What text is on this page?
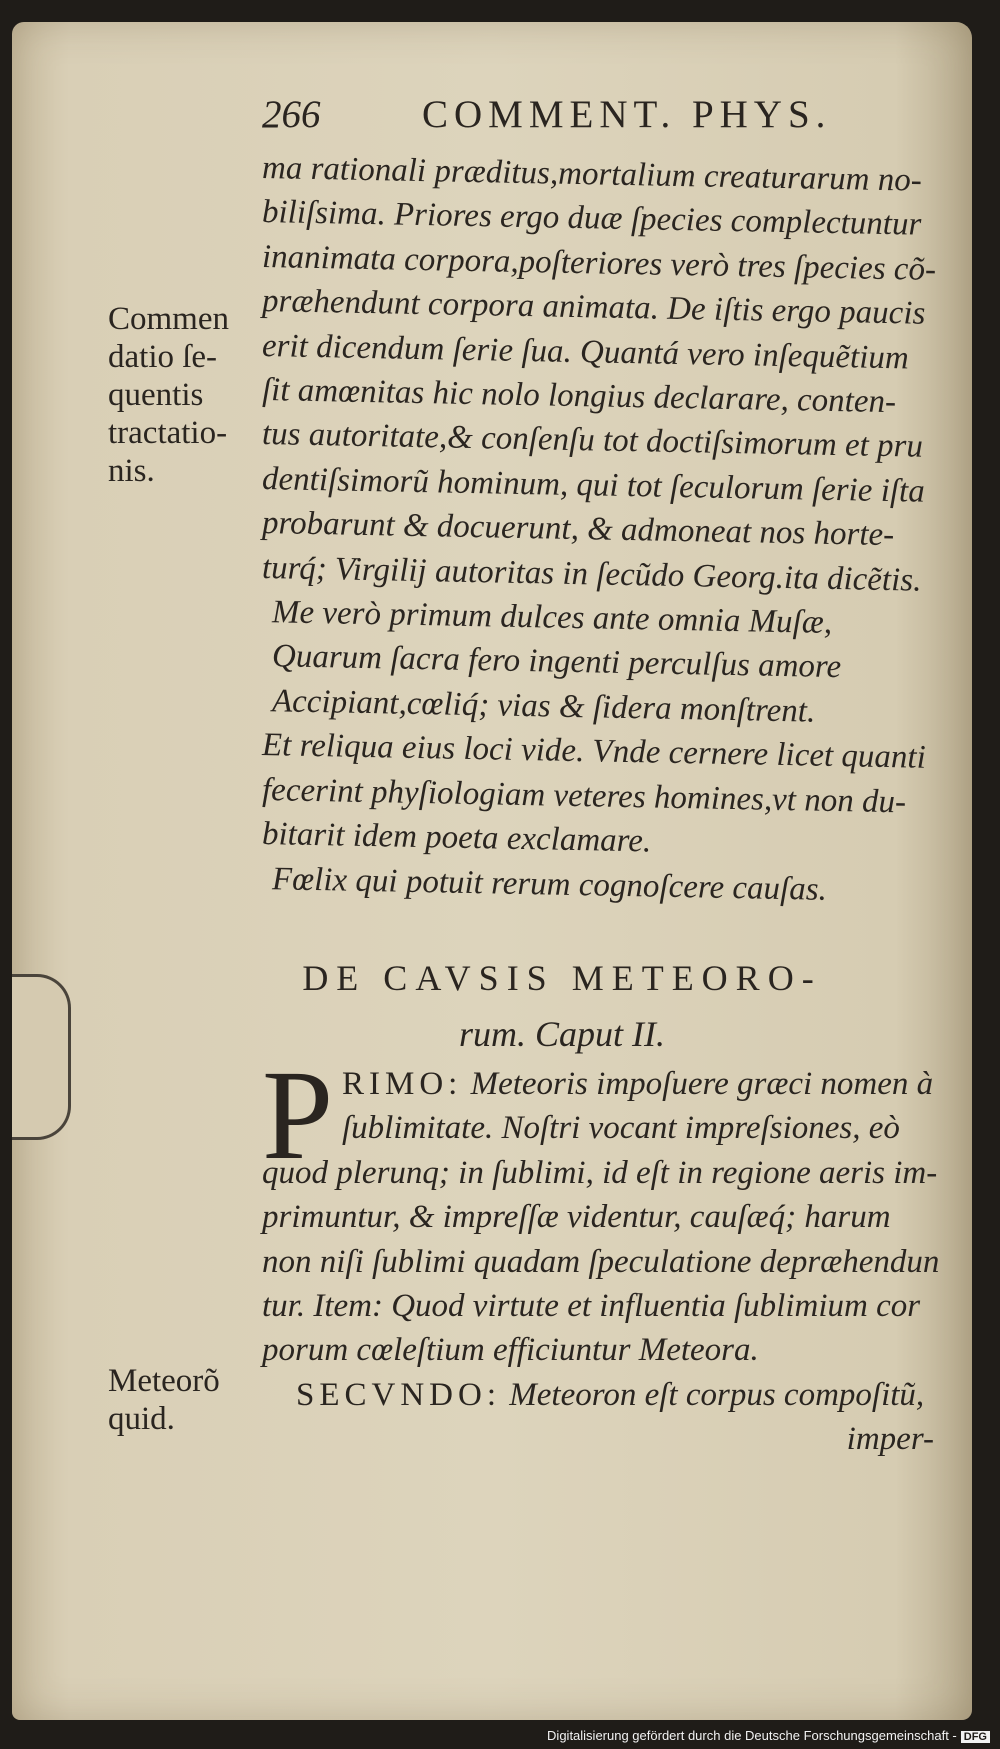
266	COMMENT. PHYS.
Commen
datio ſe-
quentis
tractatio-
nis.
Meteorõ
quid.
ma rationali prӕditus,mortalium creaturarum no-
biliſsima. Priores ergo duӕ ſpecies complectuntur
inanimata corpora,poſteriores verò tres ſpecies cõ-
prӕhendunt corpora animata. De iſtis ergo paucis
erit dicendum ſerie ſua. Quantá vero inſequẽtium
ſit amœnitas hic nolo longius declarare, conten-
tus autoritate,& conſenſu tot doctiſsimorum et pru
dentiſsimorũ hominum, qui tot ſeculorum ſerie iſta
probarunt & docuerunt, & admoneat nos horte-
turq́; Virgilij autoritas in ſecũdo Georg.ita dicẽtis.
Me verò primum dulces ante omnia Muſӕ,
Quarum ſacra fero ingenti perculſus amore
Accipiant,cœliq́; vias & ſidera monſtrent.
Et reliqua eius loci vide. Vnde cernere licet quanti
fecerint phyſiologiam veteres homines,vt non du-
bitarit idem poeta exclamare.
Fœlix qui potuit rerum cognoſcere cauſas.
DE CAVSIS METEORO-
rum. Caput II.
P RIMO: Meteoris impoſuere grӕci nomen à
ſublimitate. Noſtri vocant impreſsiones, eò
quod plerunq; in ſublimi, id eſt in regione aeris im-
primuntur, & impreſſӕ videntur, cauſӕq́; harum
non niſi ſublimi quadam ſpeculatione deprӕhendun
tur. Item: Quod virtute et influentia ſublimium cor
porum cœleſtium efficiuntur Meteora.
SECVNDO: Meteoron eſt corpus compoſitũ,
imper-
Digitalisierung gefördert durch die Deutsche Forschungsgemeinschaft - DFG
